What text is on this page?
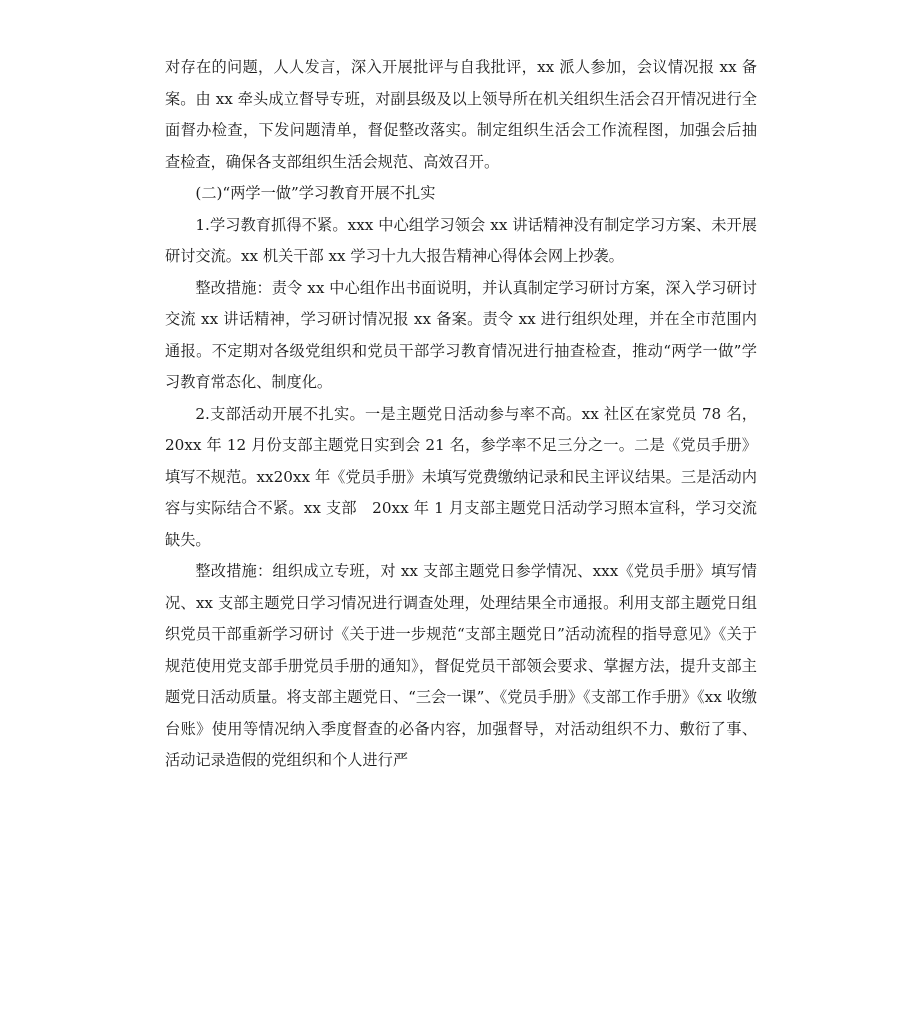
对存在的问题，人人发言，深入开展批评与自我批评，xx 派人参加，会议情况报 xx 备案。由 xx 牵头成立督导专班，对副县级及以上领导所在机关组织生活会召开情况进行全面督办检查，下发问题清单，督促整改落实。制定组织生活会工作流程图，加强会后抽查检查，确保各支部组织生活会规范、高效召开。

(二)“两学一做”学习教育开展不扎实

1.学习教育抓得不紧。xxx 中心组学习领会 xx 讲话精神没有制定学习方案、未开展研讨交流。xx 机关干部 xx 学习十九大报告精神心得体会网上抄袭。

整改措施：责令 xx 中心组作出书面说明，并认真制定学习研讨方案，深入学习研讨交流 xx 讲话精神，学习研讨情况报 xx 备案。责令 xx 进行组织处理，并在全市范围内通报。不定期对各级党组织和党员干部学习教育情况进行抽查检查，推动“两学一做”学习教育常态化、制度化。

2.支部活动开展不扎实。一是主题党日活动参与率不高。xx 社区在家党员 78 名，20xx 年 12 月份支部主题党日实到会 21 名，参学率不足三分之一。二是《党员手册》填写不规范。xx20xx 年《党员手册》未填写党费缴纳记录和民主评议结果。三是活动内容与实际结合不紧。xx 支部　20xx 年 1 月支部主题党日活动学习照本宣科，学习交流缺失。

整改措施：组织成立专班，对 xx 支部主题党日参学情况、xxx《党员手册》填写情况、xx 支部主题党日学习情况进行调查处理，处理结果全市通报。利用支部主题党日组织党员干部重新学习研讨《关于进一步规范“支部主题党日”活动流程的指导意见》《关于规范使用党支部手册党员手册的通知》，督促党员干部领会要求、掌握方法，提升支部主题党日活动质量。将支部主题党日、“三会一课”、《党员手册》《支部工作手册》《xx 收缴台账》使用等情况纳入季度督查的必备内容，加强督导，对活动组织不力、敷衍了事、活动记录造假的党组织和个人进行严
